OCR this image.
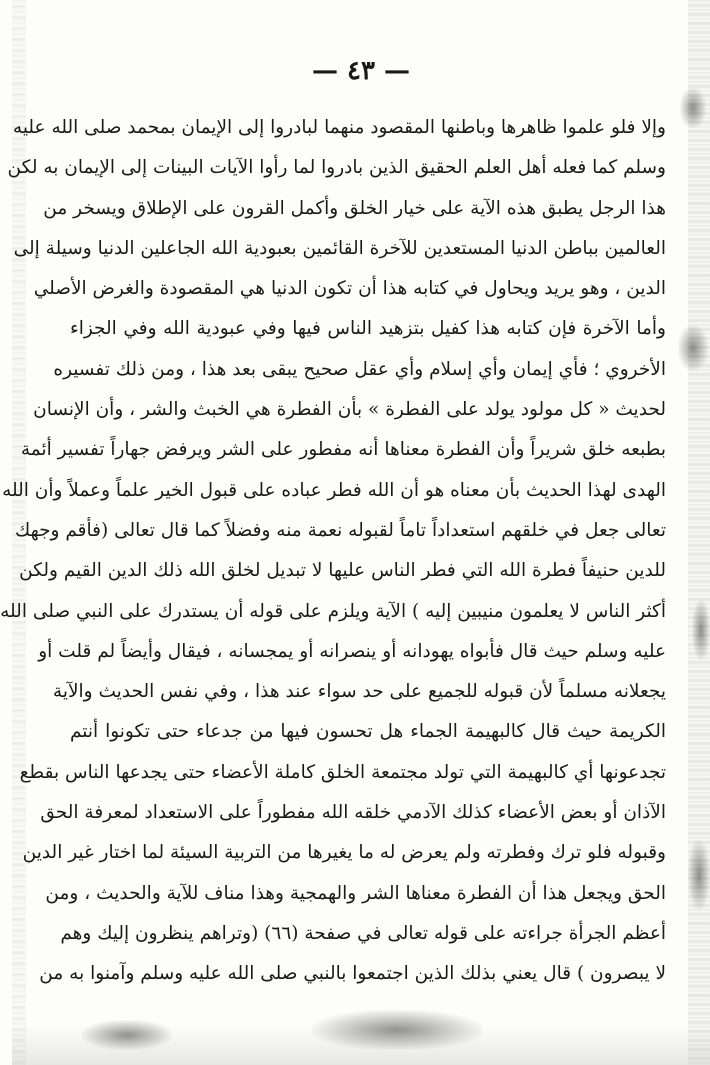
— ٤٣ —
وإلا فلو علموا ظاهرها وباطنها المقصود منهما لبادروا إلى الإيمان بمحمد صلى الله عليه
وسلم كما فعله أهل العلم الحقيق الذين بادروا لما رأوا الآيات البينات إلى الإيمان به لكن
هذا الرجل يطبق هذه الآية على خيار الخلق وأكمل القرون على الإطلاق ويسخر من
العالمين بباطن الدنيا المستعدين للآخرة القائمين بعبودية الله الجاعلين الدنيا وسيلة إلى
الدين ، وهو يريد ويحاول في كتابه هذا أن تكون الدنيا هي المقصودة والغرض الأصلي
وأما الآخرة فإن كتابه هذا كفيل بتزهيد الناس فيها وفي عبودية الله وفي الجزاء
الأخروي ؛ فأي إيمان وأي إسلام وأي عقل صحيح يبقى بعد هذا ، ومن ذلك تفسيره
لحديث « كل مولود يولد على الفطرة » بأن الفطرة هي الخبث والشر ، وأن الإنسان
بطبعه خلق شريراً وأن الفطرة معناها أنه مفطور على الشر ويرفض جهاراً تفسير أئمة
الهدى لهذا الحديث بأن معناه هو أن الله فطر عباده على قبول الخير علماً وعملاً وأن الله
تعالى جعل في خلقهم استعداداً تاماً لقبوله نعمة منه وفضلاً كما قال تعالى (فأقم وجهك
للدين حنيفاً فطرة الله التي فطر الناس عليها لا تبديل لخلق الله ذلك الدين القيم ولكن
أكثر الناس لا يعلمون منيبين إليه ) الآية ويلزم على قوله أن يستدرك على النبي صلى الله
عليه وسلم حيث قال فأبواه يهودانه أو ينصرانه أو يمجسانه ، فيقال وأيضاً لم قلت أو
يجعلانه مسلماً لأن قبوله للجميع على حد سواء عند هذا ، وفي نفس الحديث والآية
الكريمة حيث قال كالبهيمة الجماء هل تحسون فيها من جدعاء حتى تكونوا أنتم
تجدعونها أي كالبهيمة التي تولد مجتمعة الخلق كاملة الأعضاء حتى يجدعها الناس بقطع
الآذان أو بعض الأعضاء كذلك الآدمي خلقه الله مفطوراً على الاستعداد لمعرفة الحق
وقبوله فلو ترك وفطرته ولم يعرض له ما يغيرها من التربية السيئة لما اختار غير الدين
الحق ويجعل هذا أن الفطرة معناها الشر والهمجية وهذا مناف للآية والحديث ، ومن
أعظم الجرأة جراءته على قوله تعالى في صفحة (٦٦) (وتراهم ينظرون إليك وهم
لا يبصرون ) قال يعني بذلك الذين اجتمعوا بالنبي صلى الله عليه وسلم وآمنوا به من
